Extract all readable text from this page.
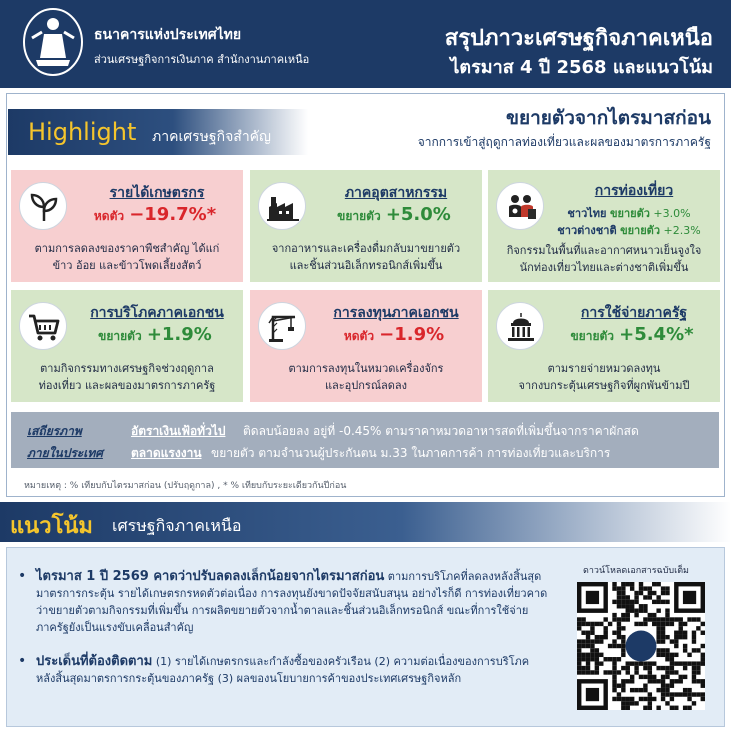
ธนาคารแห่งประเทศไทย
ส่วนเศรษฐกิจการเงินภาค สำนักงานภาคเหนือ
สรุปภาวะเศรษฐกิจภาคเหนือ
ไตรมาส 4 ปี 2568 และแนวโน้ม
Highlight ภาคเศรษฐกิจสำคัญ
ขยายตัวจากไตรมาสก่อน
จากการเข้าสู่ฤดูกาลท่องเที่ยวและผลของมาตรการภาครัฐ
รายได้เกษตรกร
หดตัว −19.7%*
ตามการลดลงของราคาพืชสำคัญ ได้แก่
ข้าว อ้อย และข้าวโพดเลี้ยงสัตว์
ภาคอุตสาหกรรม
ขยายตัว +5.0%
จากอาหารและเครื่องดื่มกลับมาขยายตัว
และชิ้นส่วนอิเล็กทรอนิกส์เพิ่มขึ้น
การท่องเที่ยว
ชาวไทย ขยายตัว +3.0%
ชาวต่างชาติ ขยายตัว +2.3%
กิจกรรมในพื้นที่และอากาศหนาวเย็นจูงใจ
นักท่องเที่ยวไทยและต่างชาติเพิ่มขึ้น
การบริโภคภาคเอกชน
ขยายตัว +1.9%
ตามกิจกรรมทางเศรษฐกิจช่วงฤดูกาล
ท่องเที่ยว และผลของมาตรการภาครัฐ
การลงทุนภาคเอกชน
หดตัว −1.9%
ตามการลงทุนในหมวดเครื่องจักร
และอุปกรณ์ลดลง
การใช้จ่ายภาครัฐ
ขยายตัว +5.4%*
ตามรายจ่ายหมวดลงทุน
จากงบกระตุ้นเศรษฐกิจที่ผูกพันข้ามปี
เสถียรภาพ
ภายในประเทศ
อัตราเงินเฟ้อทั่วไป ติดลบน้อยลง อยู่ที่ -0.45% ตามราคาหมวดอาหารสดที่เพิ่มขึ้นจากราคาผักสด
ตลาดแรงงาน ขยายตัว ตามจำนวนผู้ประกันตน ม.33 ในภาคการค้า การท่องเที่ยวและบริการ
หมายเหตุ : % เทียบกับไตรมาสก่อน (ปรับฤดูกาล) , * % เทียบกับระยะเดียวกันปีก่อน
แนวโน้ม เศรษฐกิจภาคเหนือ
• ไตรมาส 1 ปี 2569 คาดว่าปรับลดลงเล็กน้อยจากไตรมาสก่อน ตามการบริโภคที่ลดลงหลังสิ้นสุดมาตรการกระตุ้น รายได้เกษตรกรหดตัวต่อเนื่อง การลงทุนยังขาดปัจจัยสนับสนุน อย่างไรก็ดี การท่องเที่ยวคาดว่าขยายตัวตามกิจกรรมที่เพิ่มขึ้น การผลิตขยายตัวจากน้ำตาลและชิ้นส่วนอิเล็กทรอนิกส์ ขณะที่การใช้จ่ายภาครัฐยังเป็นแรงขับเคลื่อนสำคัญ
• ประเด็นที่ต้องติดตาม (1) รายได้เกษตรกรและกำลังซื้อของครัวเรือน (2) ความต่อเนื่องของการบริโภค หลังสิ้นสุดมาตรการกระตุ้นของภาครัฐ (3) ผลของนโยบายการค้าของประเทศเศรษฐกิจหลัก
ดาวน์โหลดเอกสารฉบับเต็ม
